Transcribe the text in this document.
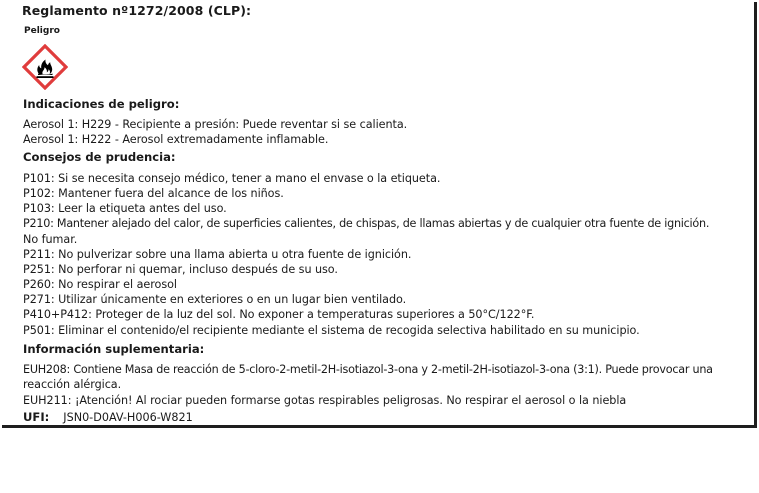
Reglamento nº1272/2008 (CLP):
Peligro
Indicaciones de peligro:
Aerosol 1: H229 - Recipiente a presión: Puede reventar si se calienta.
Aerosol 1: H222 - Aerosol extremadamente inflamable.
Consejos de prudencia:
P101: Si se necesita consejo médico, tener a mano el envase o la etiqueta.
P102: Mantener fuera del alcance de los niños.
P103: Leer la etiqueta antes del uso.
P210: Mantener alejado del calor, de superficies calientes, de chispas, de llamas abiertas y de cualquier otra fuente de ignición.
No fumar.
P211: No pulverizar sobre una llama abierta u otra fuente de ignición.
P251: No perforar ni quemar, incluso después de su uso.
P260: No respirar el aerosol
P271: Utilizar únicamente en exteriores o en un lugar bien ventilado.
P410+P412: Proteger de la luz del sol. No exponer a temperaturas superiores a 50°C/122°F.
P501: Eliminar el contenido/el recipiente mediante el sistema de recogida selectiva habilitado en su municipio.
Información suplementaria:
EUH208: Contiene Masa de reacción de 5-cloro-2-metil-2H-isotiazol-3-ona y 2-metil-2H-isotiazol-3-ona (3:1). Puede provocar una
reacción alérgica.
EUH211: ¡Atención! Al rociar pueden formarse gotas respirables peligrosas. No respirar el aerosol o la niebla
UFI: JSN0-D0AV-H006-W821
